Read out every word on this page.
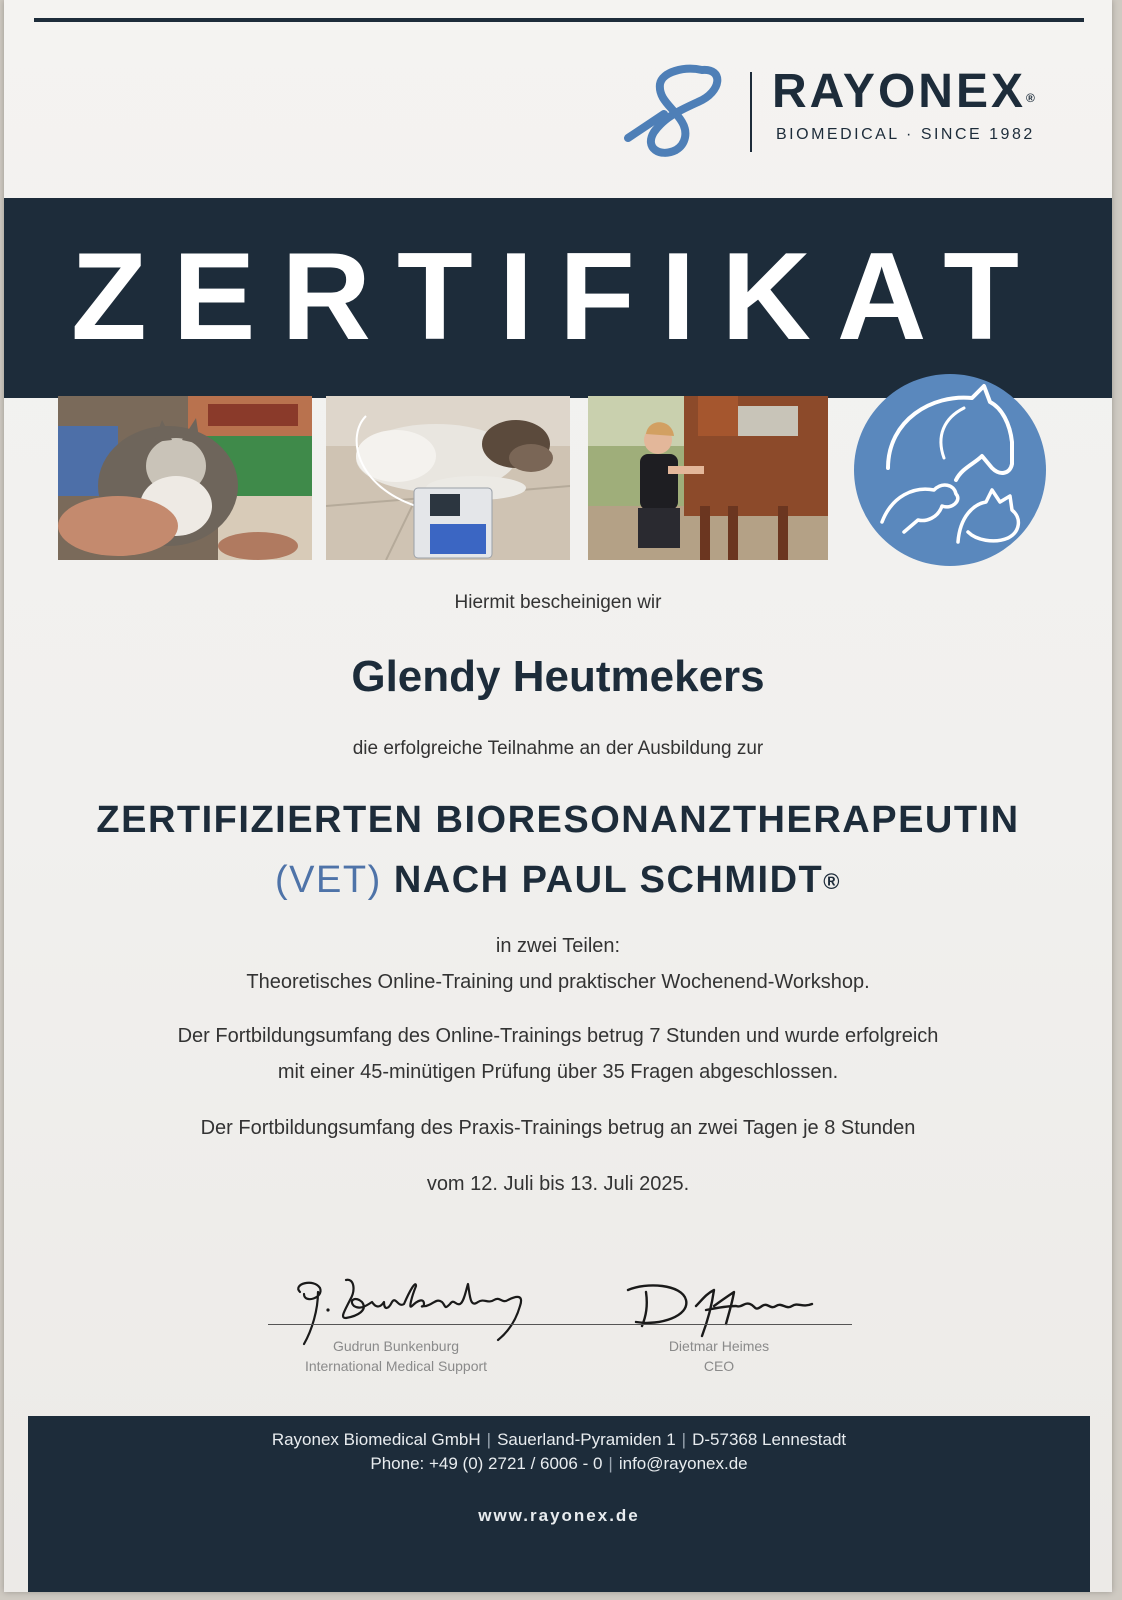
RAYONEX®
BIOMEDICAL · SINCE 1982
ZERTIFIKAT
Hiermit bescheinigen wir
Glendy Heutmekers
die erfolgreiche Teilnahme an der Ausbildung zur
ZERTIFIZIERTEN BIORESONANZTHERAPEUTIN
(VET) NACH PAUL SCHMIDT®
in zwei Teilen:
Theoretisches Online-Training und praktischer Wochenend-Workshop.
Der Fortbildungsumfang des Online-Trainings betrug 7 Stunden und wurde erfolgreich
mit einer 45-minütigen Prüfung über 35 Fragen abgeschlossen.
Der Fortbildungsumfang des Praxis-Trainings betrug an zwei Tagen je 8 Stunden
vom 12. Juli bis 13. Juli 2025.
Gudrun Bunkenburg
International Medical Support
Dietmar Heimes
CEO
Rayonex Biomedical GmbH | Sauerland-Pyramiden 1 | D-57368 Lennestadt
Phone: +49 (0) 2721 / 6006 - 0 | info@rayonex.de
www.rayonex.de
